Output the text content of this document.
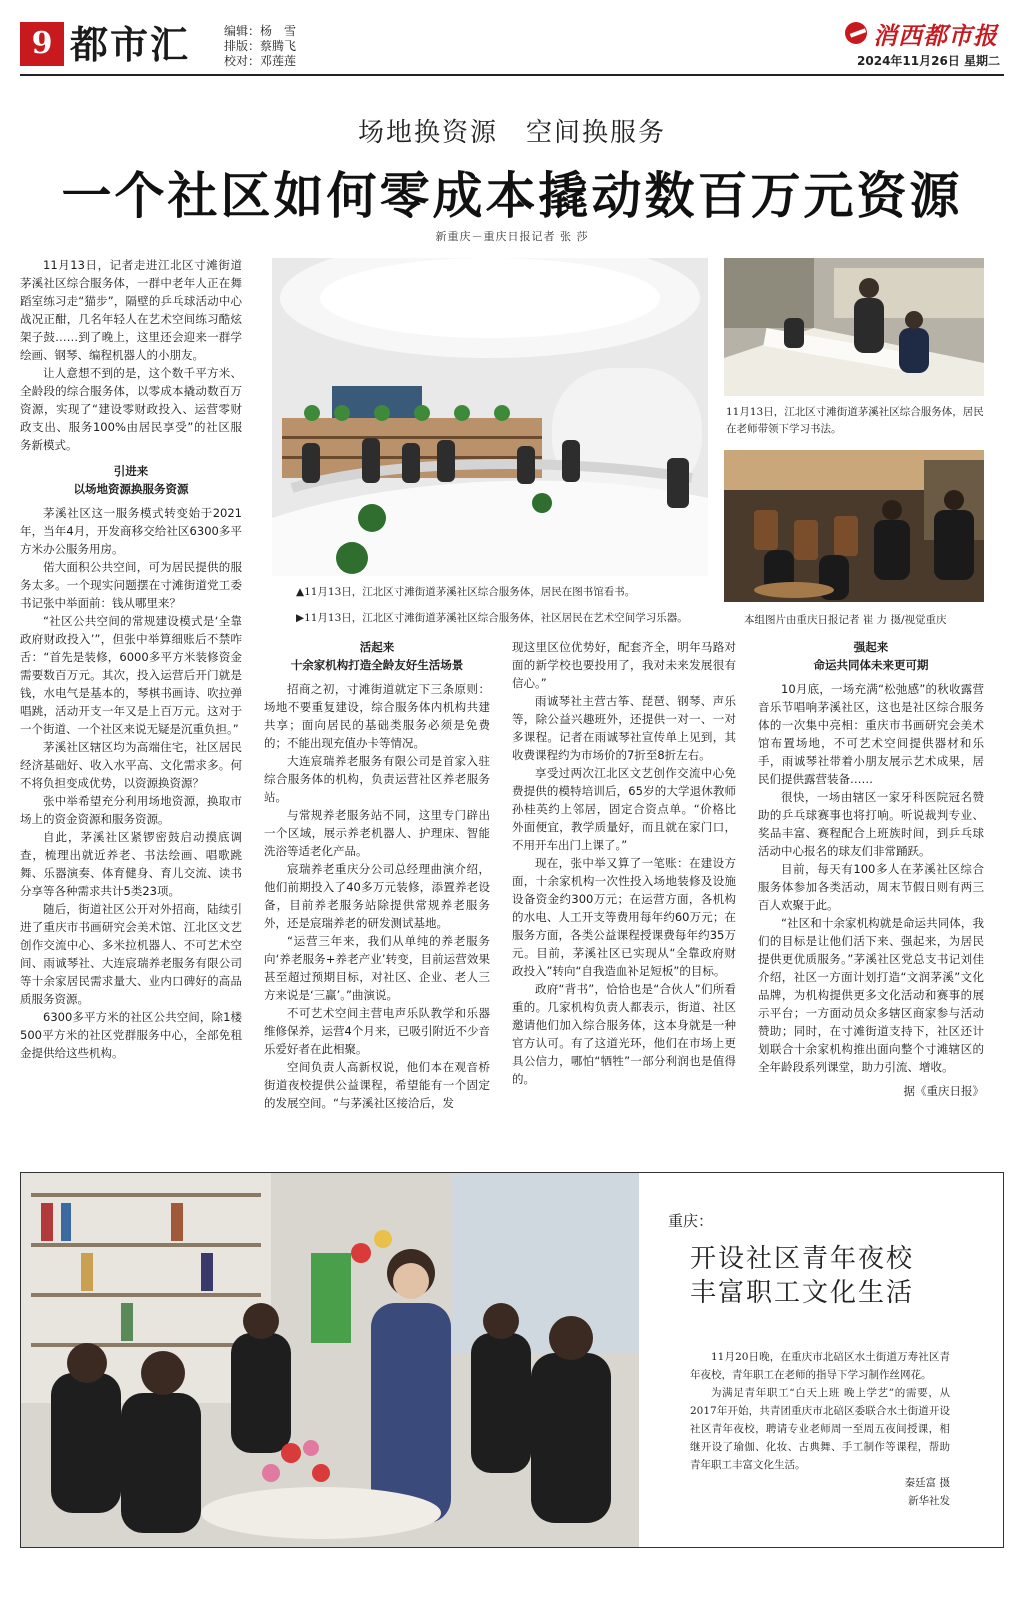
9 都市汇	编辑：杨　雪
排版：蔡腾飞
校对：邓莲莲
消西都市报
2024年11月26日 星期二
场地换资源　空间换服务
一个社区如何零成本撬动数百万元资源
新重庆－重庆日报记者 张 莎

11月13日，记者走进江北区寸滩街道茅溪社区综合服务体，一群中老年人正在舞蹈室练习走“猫步”，隔壁的乒乓球活动中心战况正酣，几名年轻人在艺术空间练习酷炫架子鼓……到了晚上，这里还会迎来一群学绘画、钢琴、编程机器人的小朋友。

让人意想不到的是，这个数千平方米、全龄段的综合服务体，以零成本撬动数百万资源，实现了“建设零财政投入、运营零财政支出、服务100%由居民享受”的社区服务新模式。

引进来
以场地资源换服务资源

茅溪社区这一服务模式转变始于2021年，当年4月，开发商移交给社区6300多平方米办公服务用房。

偌大面积公共空间，可为居民提供的服务太多。一个现实问题摆在寸滩街道党工委书记张中举面前：钱从哪里来？

“社区公共空间的常规建设模式是‘全靠政府财政投入’”，但张中举算细账后不禁咋舌：“首先是装修，6000多平方米装修资金需要数百万元。其次，投入运营后开门就是钱，水电气是基本的，琴棋书画诗、吹拉弹唱跳，活动开支一年又是上百万元。这对于一个街道、一个社区来说无疑是沉重负担。”

茅溪社区辖区均为高端住宅，社区居民经济基础好、收入水平高、文化需求多。何不将负担变成优势，以资源换资源？

张中举希望充分利用场地资源，换取市场上的资金资源和服务资源。

自此，茅溪社区紧锣密鼓启动摸底调查，梳理出就近养老、书法绘画、唱歌跳舞、乐器演奏、体育健身、育儿交流、读书分享等各种需求共计5类23项。

随后，街道社区公开对外招商，陆续引进了重庆市书画研究会美术馆、江北区文艺创作交流中心、多米拉机器人、不可艺术空间、雨诚琴社、大连宸瑞养老服务有限公司等十余家居民需求量大、业内口碑好的高品质服务资源。

6300多平方米的社区公共空间，除1楼500平方米的社区党群服务中心，全部免租金提供给这些机构。

11月13日，江北区寸滩街道茅溪社区综合服务体，居民在老师带领下学习书法。
▲11月13日，江北区寸滩街道茅溪社区综合服务体，居民在图书馆看书。
▶11月13日，江北区寸滩街道茅溪社区综合服务体，社区居民在艺术空间学习乐器。	本组图片由重庆日报记者 崔 力 摄/视觉重庆
活起来
十余家机构打造全龄友好生活场景

招商之初，寸滩街道就定下三条原则：场地不要重复建设，综合服务体内机构共建共享；面向居民的基础类服务必须是免费的；不能出现充值办卡等情况。

大连宸瑞养老服务有限公司是首家入驻综合服务体的机构，负责运营社区养老服务站。

与常规养老服务站不同，这里专门辟出一个区域，展示养老机器人、护理床、智能洗浴等适老化产品。

宸瑞养老重庆分公司总经理曲演介绍，他们前期投入了40多万元装修，添置养老设备，目前养老服务站除提供常规养老服务外，还是宸瑞养老的研发测试基地。

“运营三年来，我们从单纯的养老服务向‘养老服务+养老产业’转变，目前运营效果甚至超过预期目标，对社区、企业、老人三方来说是‘三赢’。”曲演说。

不可艺术空间主营电声乐队教学和乐器维修保养，运营4个月来，已吸引附近不少音乐爱好者在此相聚。

空间负责人高新权说，他们本在观音桥街道夜校提供公益课程，希望能有一个固定的发展空间。“与茅溪社区接洽后，发

现这里区位优势好，配套齐全，明年马路对面的新学校也要投用了，我对未来发展很有信心。”

雨诚琴社主营古筝、琵琶、钢琴、声乐等，除公益兴趣班外，还提供一对一、一对多课程。记者在雨诚琴社宣传单上见到，其收费课程约为市场价的7折至8折左右。

享受过两次江北区文艺创作交流中心免费提供的模特培训后，65岁的大学退休教师孙桂英约上邻居，固定合资点单。“价格比外面便宜，教学质量好，而且就在家门口，不用开车出门上课了。”

现在，张中举又算了一笔账：在建设方面，十余家机构一次性投入场地装修及设施设备资金约300万元；在运营方面，各机构的水电、人工开支等费用每年约60万元；在服务方面，各类公益课程授课费每年约35万元。目前，茅溪社区已实现从“全靠政府财政投入”转向“自我造血补足短板”的目标。

政府“背书”，恰恰也是“合伙人”们所看重的。几家机构负责人都表示，街道、社区邀请他们加入综合服务体，这本身就是一种官方认可。有了这道光环，他们在市场上更具公信力，哪怕“牺牲”一部分利润也是值得的。

强起来
命运共同体未来更可期

10月底，一场充满“松弛感”的秋收露营音乐节唱响茅溪社区，这也是社区综合服务体的一次集中亮相：重庆市书画研究会美术馆布置场地，不可艺术空间提供器材和乐手，雨诚琴社带着小朋友展示艺术成果，居民们提供露营装备……

很快，一场由辖区一家牙科医院冠名赞助的乒乓球赛事也将打响。听说裁判专业、奖品丰富、赛程配合上班族时间，到乒乓球活动中心报名的球友们非常踊跃。

目前，每天有100多人在茅溪社区综合服务体参加各类活动，周末节假日则有两三百人欢聚于此。

“社区和十余家机构就是命运共同体，我们的目标是让他们活下来、强起来，为居民提供更优质服务。”茅溪社区党总支书记刘佳介绍，社区一方面计划打造“文润茅溪”文化品牌，为机构提供更多文化活动和赛事的展示平台；一方面动员众多辖区商家参与活动赞助；同时，在寸滩街道支持下，社区还计划联合十余家机构推出面向整个寸滩辖区的全年龄段系列课堂，助力引流、增收。

据《重庆日报》
重庆：
开设社区青年夜校
丰富职工文化生活

11月20日晚，在重庆市北碚区水土街道万寿社区青年夜校，青年职工在老师的指导下学习制作丝网花。

为满足青年职工“白天上班 晚上学艺”的需要，从2017年开始，共青团重庆市北碚区委联合水土街道开设社区青年夜校，聘请专业老师周一至周五夜间授课，相继开设了瑜伽、化妆、古典舞、手工制作等课程，帮助青年职工丰富文化生活。

秦廷富 摄
新华社发
